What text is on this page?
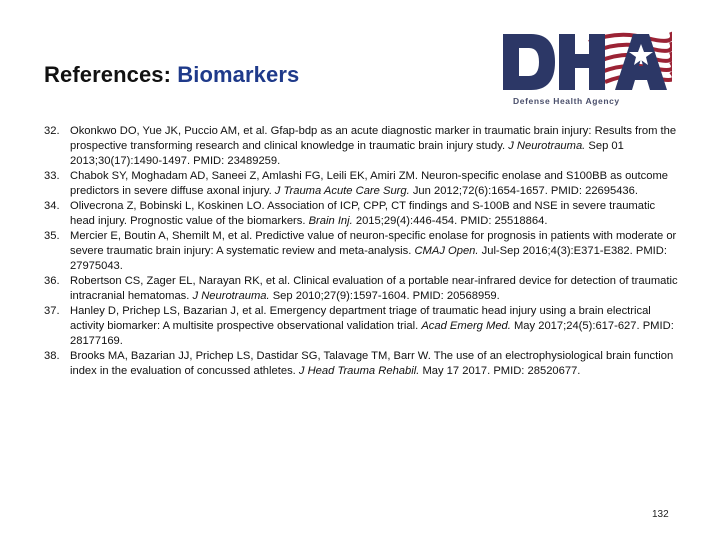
References: Biomarkers
Defense Health Agency
32. Okonkwo DO, Yue JK, Puccio AM, et al. Gfap-bdp as an acute diagnostic marker in traumatic brain injury: Results from the prospective transforming research and clinical knowledge in traumatic brain injury study. J Neurotrauma. Sep 01 2013;30(17):1490-1497. PMID: 23489259.
33. Chabok SY, Moghadam AD, Saneei Z, Amlashi FG, Leili EK, Amiri ZM. Neuron-specific enolase and S100BB as outcome predictors in severe diffuse axonal injury. J Trauma Acute Care Surg. Jun 2012;72(6):1654-1657. PMID: 22695436.
34. Olivecrona Z, Bobinski L, Koskinen LO. Association of ICP, CPP, CT findings and S-100B and NSE in severe traumatic head injury. Prognostic value of the biomarkers. Brain Inj. 2015;29(4):446-454. PMID: 25518864.
35. Mercier E, Boutin A, Shemilt M, et al. Predictive value of neuron-specific enolase for prognosis in patients with moderate or severe traumatic brain injury: A systematic review and meta-analysis. CMAJ Open. Jul-Sep 2016;4(3):E371-E382. PMID: 27975043.
36. Robertson CS, Zager EL, Narayan RK, et al. Clinical evaluation of a portable near-infrared device for detection of traumatic intracranial hematomas. J Neurotrauma. Sep 2010;27(9):1597-1604. PMID: 20568959.
37. Hanley D, Prichep LS, Bazarian J, et al. Emergency department triage of traumatic head injury using a brain electrical activity biomarker: A multisite prospective observational validation trial. Acad Emerg Med. May 2017;24(5):617-627. PMID: 28177169.
38. Brooks MA, Bazarian JJ, Prichep LS, Dastidar SG, Talavage TM, Barr W. The use of an electrophysiological brain function index in the evaluation of concussed athletes. J Head Trauma Rehabil. May 17 2017. PMID: 28520677.
132
